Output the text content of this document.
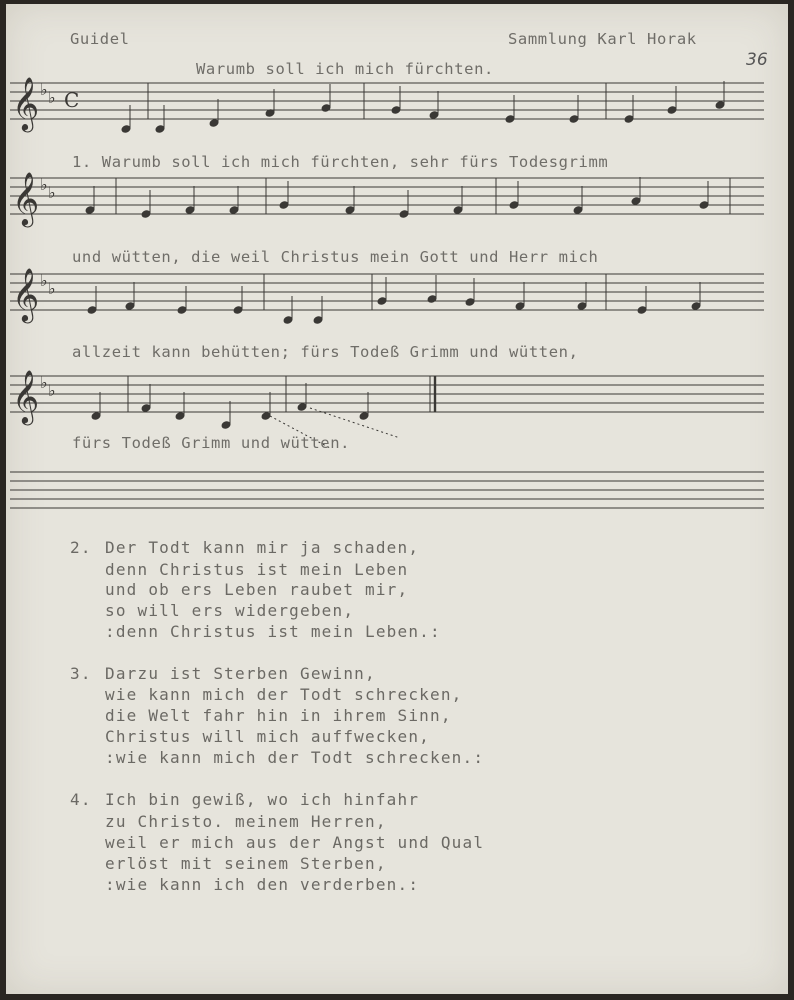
Guidel	Sammlung Karl Horak
36
Warumb soll ich mich fürchten.
𝄞 ♭ ♭
𝄞 ♭ ♭
𝄞 ♭ ♭
𝄞 ♭ ♭
C
1. Warumb soll ich mich fürchten, sehr fürs Todesgrimm
und wütten, die weil Christus mein Gott und Herr mich
allzeit kann behütten; fürs Todeß Grimm und wütten,
fürs Todeß Grimm und wütten.
2. Der Todt kann mir ja schaden,
denn Christus ist mein Leben
und ob ers Leben raubet mir,
so will ers widergeben,
:denn Christus ist mein Leben.:
3. Darzu ist Sterben Gewinn,
wie kann mich der Todt schrecken,
die Welt fahr hin in ihrem Sinn,
Christus will mich auffwecken,
:wie kann mich der Todt schrecken.:
4. Ich bin gewiß, wo ich hinfahr
zu Christo. meinem Herren,
weil er mich aus der Angst und Qual
erlöst mit seinem Sterben,
:wie kann ich den verderben.:
